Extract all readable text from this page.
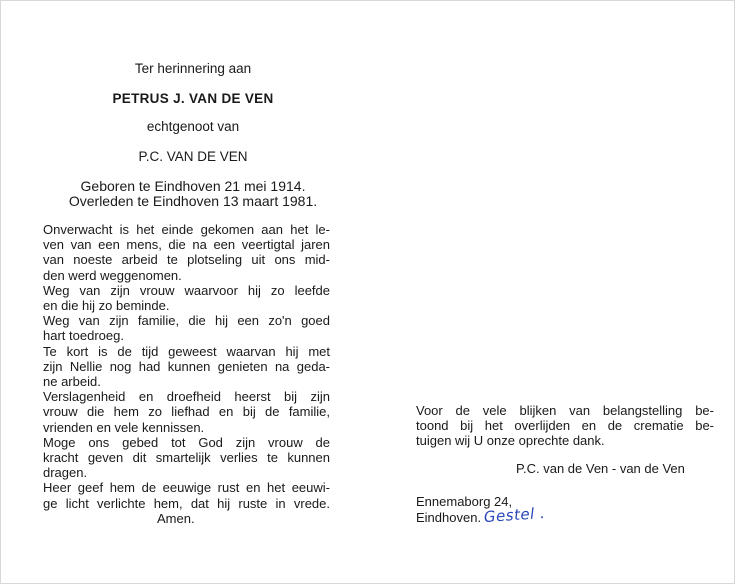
Ter herinnering aan
PETRUS J. VAN DE VEN
echtgenoot van
P.C. VAN DE VEN
Geboren te Eindhoven 21 mei 1914.
Overleden te Eindhoven 13 maart 1981.
Onverwacht is het einde gekomen aan het le-
ven van een mens, die na een veertigtal jaren
van noeste arbeid te plotseling uit ons mid-
den werd weggenomen.
Weg van zijn vrouw waarvoor hij zo leefde
en die hij zo beminde.
Weg van zijn familie, die hij een zo'n goed
hart toedroeg.
Te kort is de tijd geweest waarvan hij met
zijn Nellie nog had kunnen genieten na geda-
ne arbeid.
Verslagenheid en droefheid heerst bij zijn
vrouw die hem zo liefhad en bij de familie,
vrienden en vele kennissen.
Moge ons gebed tot God zijn vrouw de
kracht geven dit smartelijk verlies te kunnen
dragen.
Heer geef hem de eeuwige rust en het eeuwi-
ge licht verlichte hem, dat hij ruste in vrede.
Amen.
Voor de vele blijken van belangstelling be-
toond bij het overlijden en de crematie be-
tuigen wij U onze oprechte dank.
P.C. van de Ven - van de Ven
Ennemaborg 24,
Eindhoven. Gestel .
